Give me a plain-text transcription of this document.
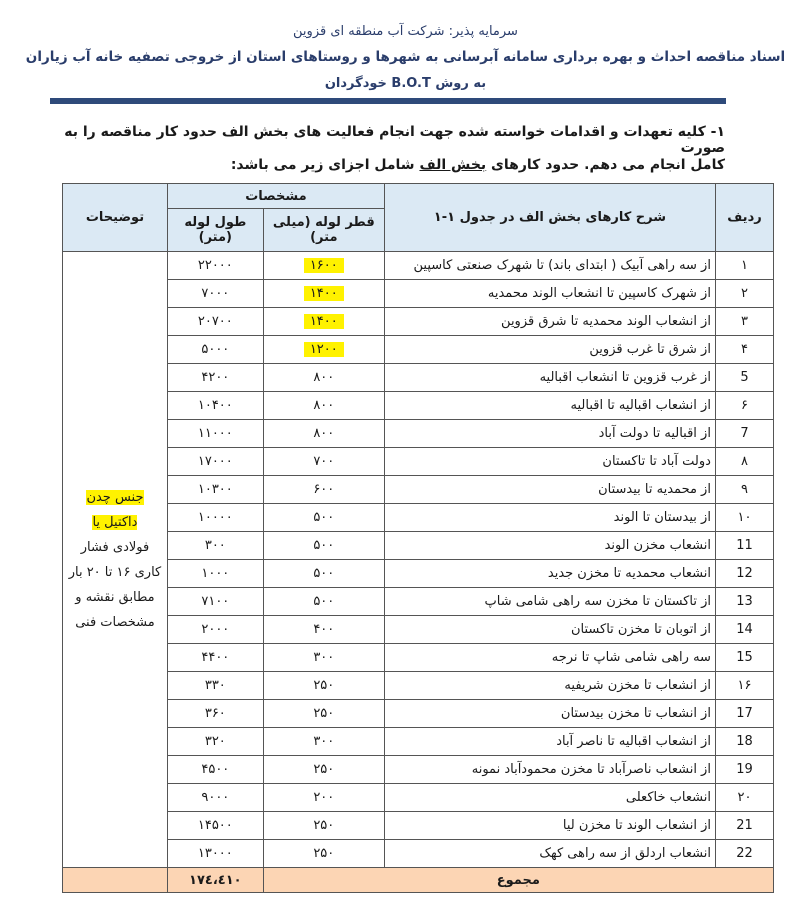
سرمایه پذیر: شرکت آب منطقه ای قزوین
اسناد مناقصه احداث و بهره برداری سامانه آبرسانی به شهرها و روستاهای استان از خروجی تصفیه خانه آب زیاران
به روش B.O.T خودگردان
۱- کلیه تعهدات و اقدامات خواسته شده جهت انجام فعالیت های بخش الف حدود کار مناقصه را به صورت
کامل انجام می دهم. حدود کارهای بخش الف شامل اجزای زیر می باشد:
ردیف	شرح کارهای بخش الف در جدول ۱-۱	مشخصات		توضیحات
		قطر لوله (میلی متر)	طول لوله (متر)	
۱	از سه راهی آبیک ( ابتدای باند) تا شهرک صنعتی کاسپین	۱۶۰۰	۲۲۰۰۰	جنس چدن
داکتیل یا
فولادی فشار کاری ۱۶ تا ۲۰ بار مطابق نقشه و مشخصات فنی
۲	از شهرک کاسپین تا انشعاب الوند محمدیه	۱۴۰۰	۷۰۰۰	
۳	از انشعاب الوند محمدیه تا شرق قزوین	۱۴۰۰	۲۰۷۰۰	
۴	از شرق تا غرب قزوین	۱۲۰۰	۵۰۰۰	
5	از غرب قزوین تا انشعاب اقبالیه	۸۰۰	۴۲۰۰	
۶	از انشعاب اقبالیه تا اقبالیه	۸۰۰	۱۰۴۰۰	
7	از اقبالیه تا دولت آباد	۸۰۰	۱۱۰۰۰	
۸	دولت آباد تا تاکستان	۷۰۰	۱۷۰۰۰	
۹	از محمدیه تا بیدستان	۶۰۰	۱۰۳۰۰	
۱۰	از بیدستان تا الوند	۵۰۰	۱۰۰۰۰	
11	انشعاب مخزن الوند	۵۰۰	۳۰۰	
12	انشعاب محمدیه تا مخزن جدید	۵۰۰	۱۰۰۰	
13	از تاکستان تا مخزن سه راهی شامی شاپ	۵۰۰	۷۱۰۰	
14	از اتوبان تا مخزن تاکستان	۴۰۰	۲۰۰۰	
15	سه راهی شامی شاپ تا نرجه	۳۰۰	۴۴۰۰	
۱۶	از انشعاب تا مخزن شریفیه	۲۵۰	۳۳۰	
17	از انشعاب تا مخزن بیدستان	۲۵۰	۳۶۰	
18	از انشعاب اقبالیه تا ناصر آباد	۳۰۰	۳۲۰	
19	از انشعاب ناصرآباد تا مخزن محمودآباد نمونه	۲۵۰	۴۵۰۰	
۲۰	انشعاب خاکعلی	۲۰۰	۹۰۰۰	
21	از انشعاب الوند تا مخزن لیا	۲۵۰	۱۴۵۰۰	
22	انشعاب اردلق از سه راهی کهک	۲۵۰	۱۳۰۰۰	
مجموع			۱۷٤،٤١٠	
